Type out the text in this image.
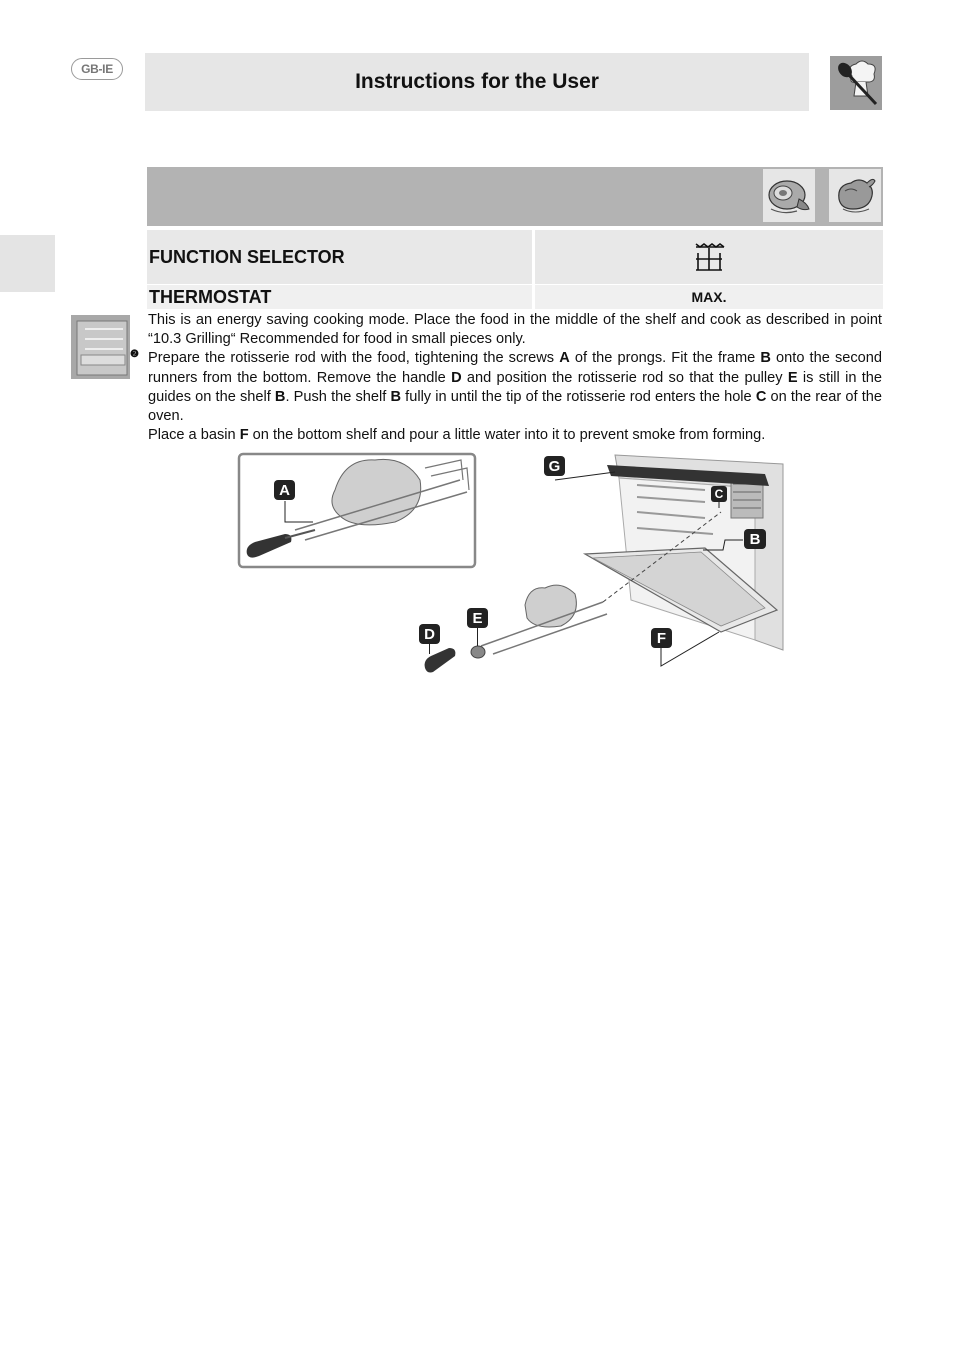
GB-IE
Instructions for the User
FUNCTION SELECTOR
THERMOSTAT	MAX.
❷

This is an energy saving cooking mode. Place the food in the middle of the shelf and cook as described in point “10.3 Grilling“ Recommended for food in small pieces only.

Prepare the rotisserie rod with the food, tightening the screws A of the prongs. Fit the frame B onto the second runners from the bottom. Remove the handle D and position the rotisserie rod so that the pulley E is still in the guides on the shelf B. Push the shelf B fully in until the tip of the rotisserie rod enters the hole C on the rear of the oven.

Place a basin F on the bottom shelf and pour a little water into it to prevent smoke from forming.

A
G
C
B
E
D	F
